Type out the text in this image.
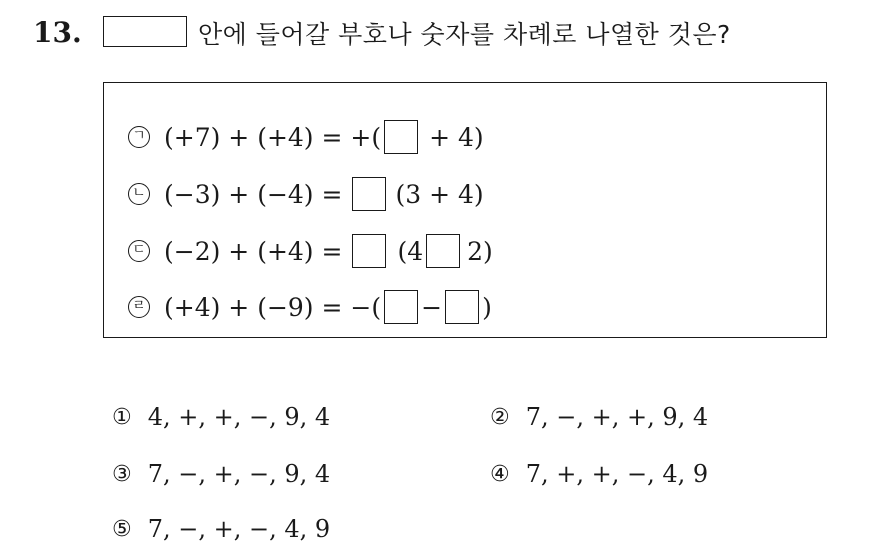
13.	안에 들어갈 부호나 숫자를 차례로 나열한 것은?
ㄱ (+7) + (+4) = +( + 4)
ㄴ (−3) + (−4) = (3 + 4)
ㄷ (−2) + (+4) = (4 2)
ㄹ (+4) + (−9) = −( − )
① 4, +, +, −, 9, 4	② 7, −, +, +, 9, 4
③ 7, −, +, −, 9, 4	④ 7, +, +, −, 4, 9
⑤ 7, −, +, −, 4, 9
